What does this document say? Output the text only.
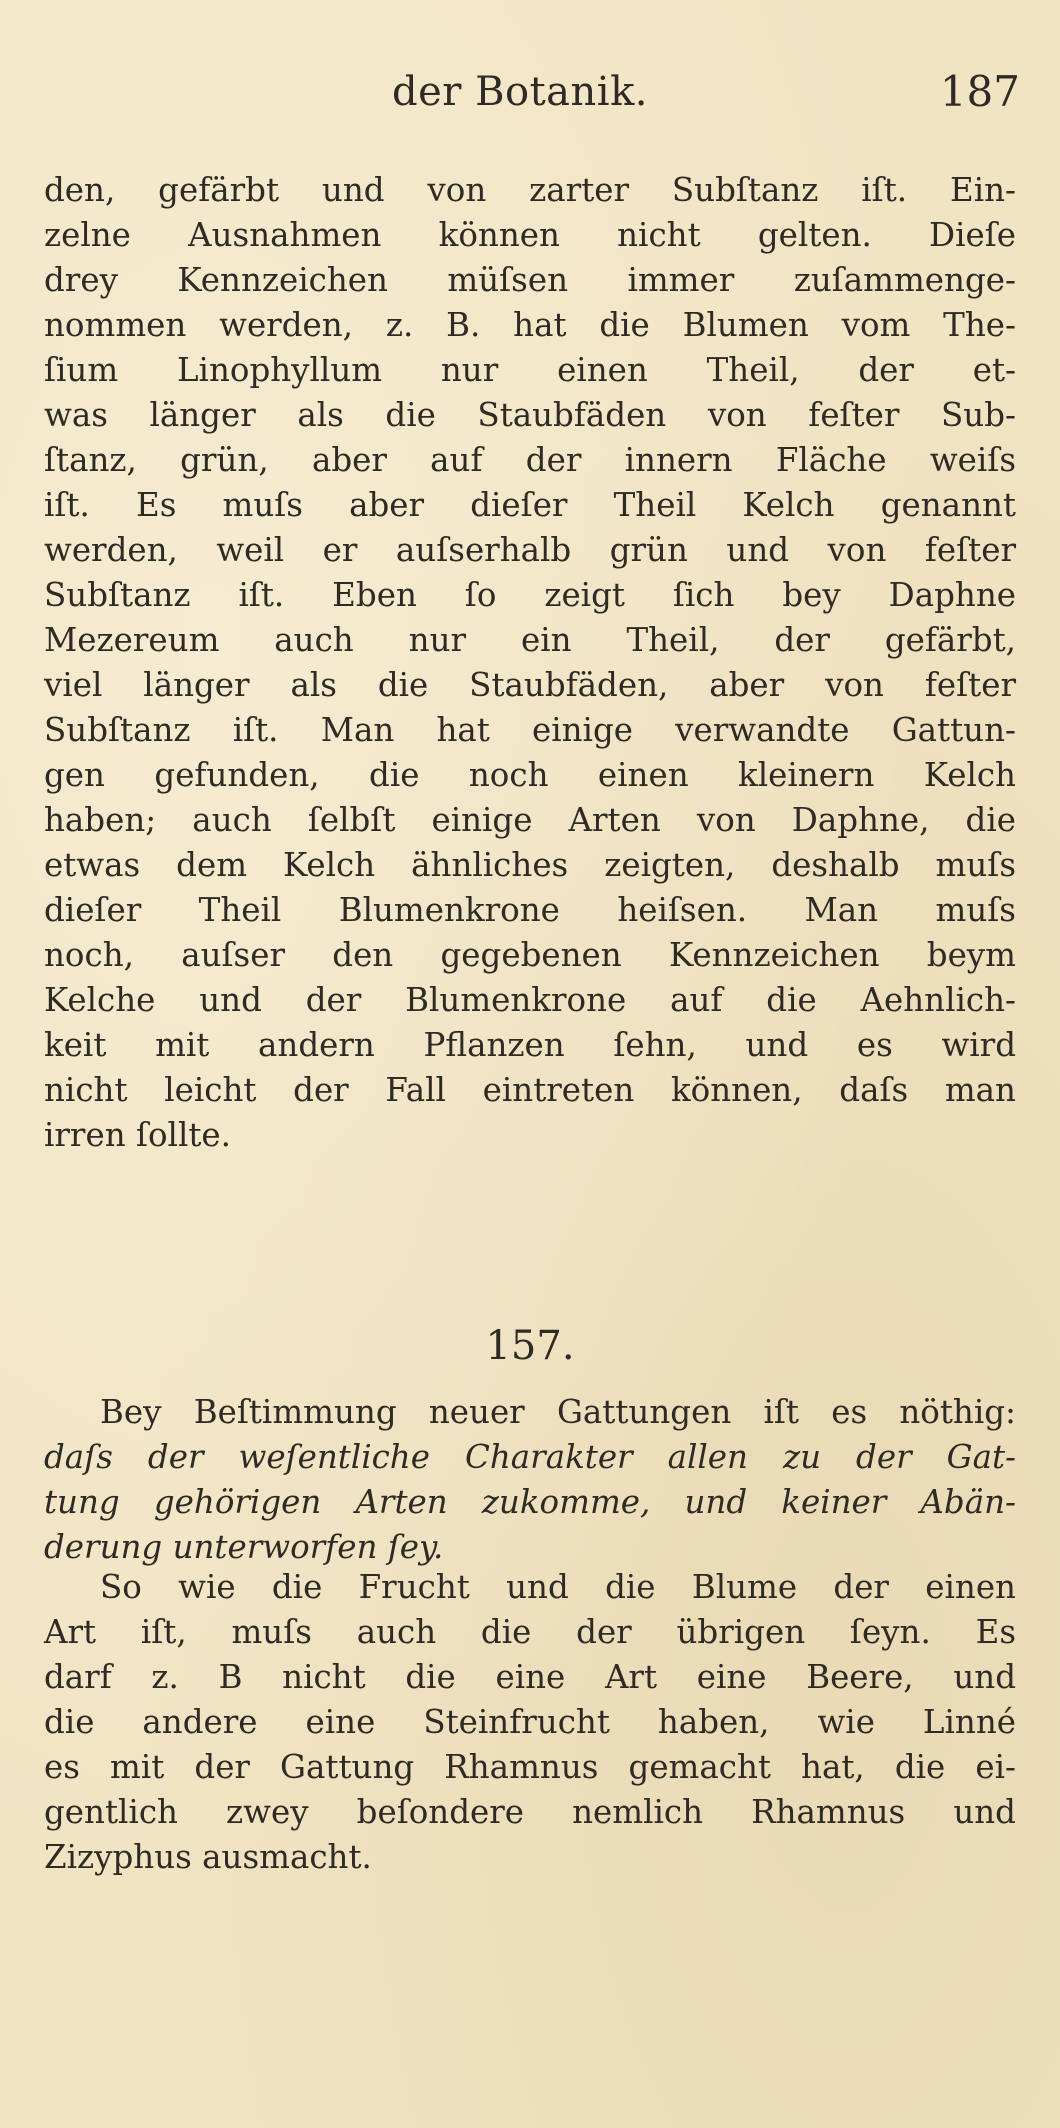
der Botanik.	187
den, gefärbt und von zarter Subſtanz iſt. Ein-
zelne Ausnahmen können nicht gelten. Dieſe
drey Kennzeichen müſsen immer zuſammenge-
nommen werden, z. B. hat die Blumen vom The-
ſium Linophyllum nur einen Theil, der et-
was länger als die Staubfäden von feſter Sub-
ſtanz, grün, aber auf der innern Fläche weiſs
iſt. Es muſs aber dieſer Theil Kelch genannt
werden, weil er auſserhalb grün und von feſter
Subſtanz iſt. Eben ſo zeigt ſich bey Daphne
Mezereum auch nur ein Theil, der gefärbt,
viel länger als die Staubfäden, aber von feſter
Subſtanz iſt. Man hat einige verwandte Gattun-
gen gefunden, die noch einen kleinern Kelch
haben; auch ſelbſt einige Arten von Daphne, die
etwas dem Kelch ähnliches zeigten, deshalb muſs
dieſer Theil Blumenkrone heiſsen. Man muſs
noch, auſser den gegebenen Kennzeichen beym
Kelche und der Blumenkrone auf die Aehnlich-
keit mit andern Pflanzen ſehn, und es wird
nicht leicht der Fall eintreten können, daſs man
irren ſollte.
157.
Bey Beſtimmung neuer Gattungen iſt es nöthig:
daſs der weſentliche Charakter allen zu der Gat-
tung gehörigen Arten zukomme, und keiner Abän-
derung unterworfen ſey.
So wie die Frucht und die Blume der einen
Art iſt, muſs auch die der übrigen ſeyn. Es
darf z. B nicht die eine Art eine Beere, und
die andere eine Steinfrucht haben, wie Linné
es mit der Gattung Rhamnus gemacht hat, die ei-
gentlich zwey beſondere nemlich Rhamnus und
Zizyphus ausmacht.
